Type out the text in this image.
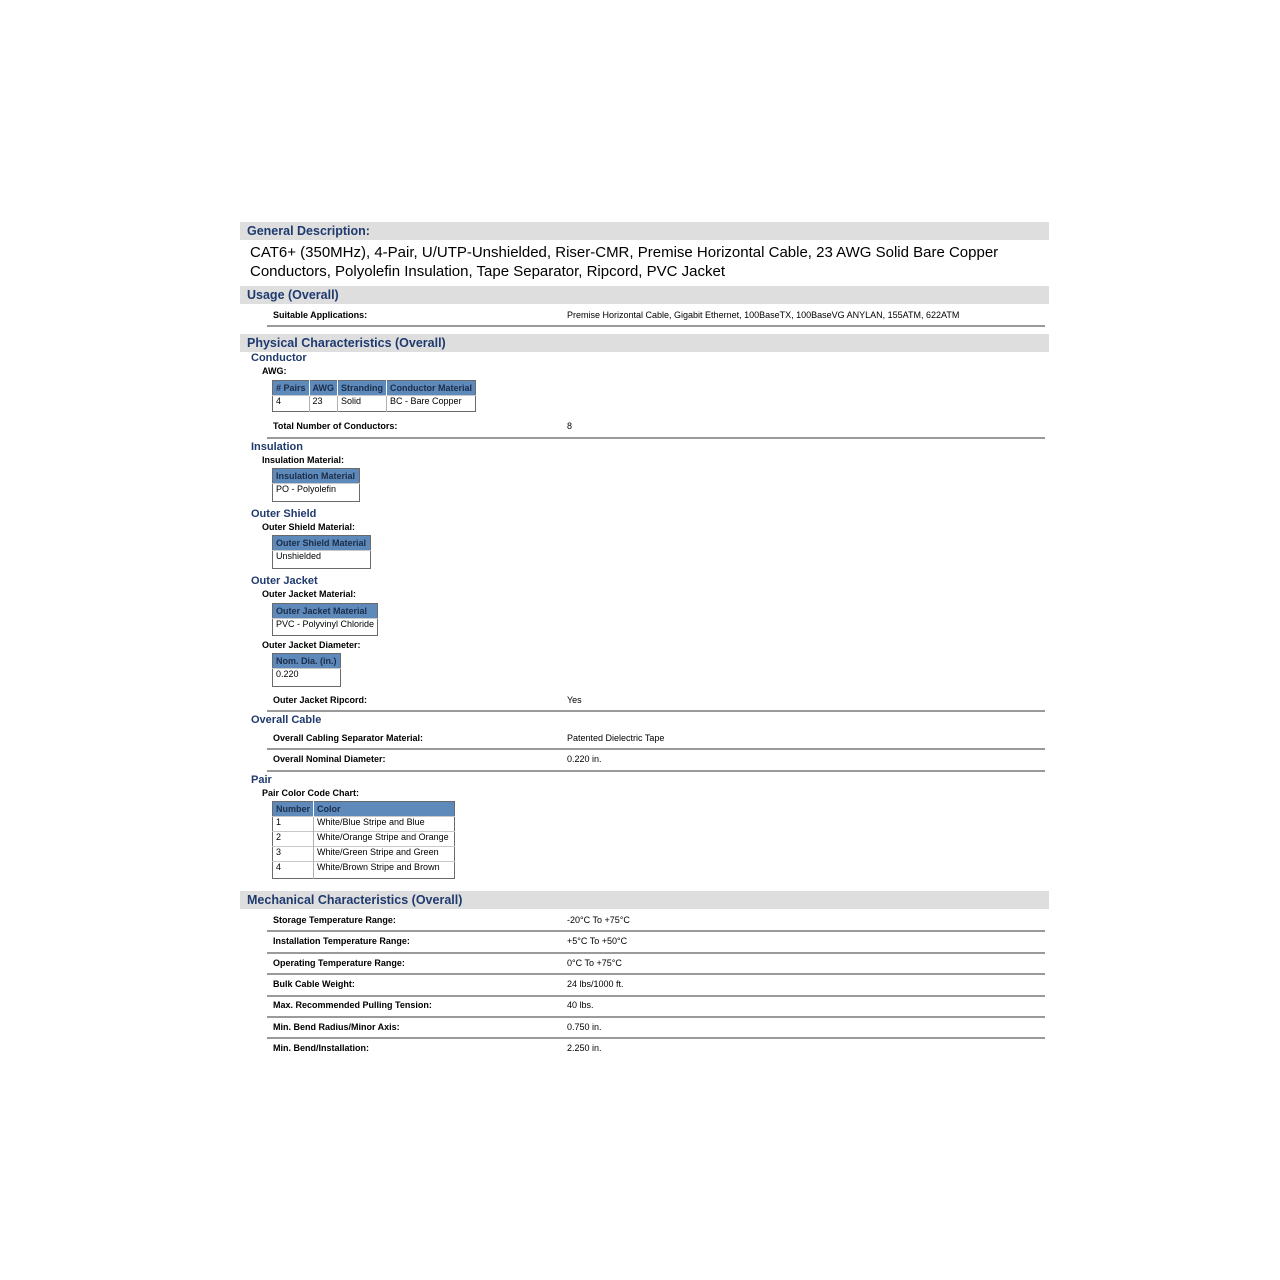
General Description:
CAT6+ (350MHz), 4-Pair, U/UTP-Unshielded, Riser-CMR, Premise Horizontal Cable, 23 AWG Solid Bare Copper Conductors, Polyolefin Insulation, Tape Separator, Ripcord, PVC Jacket
Usage (Overall)
Suitable Applications:	Premise Horizontal Cable, Gigabit Ethernet, 100BaseTX, 100BaseVG ANYLAN, 155ATM, 622ATM
Physical Characteristics (Overall)
Conductor
AWG:
# Pairs	AWG	Stranding	Conductor Material
4	23	Solid	BC - Bare Copper
Total Number of Conductors:	8
Insulation
Insulation Material:
Insulation Material
PO - Polyolefin
Outer Shield
Outer Shield Material:
Outer Shield Material
Unshielded
Outer Jacket
Outer Jacket Material:
Outer Jacket Material
PVC - Polyvinyl Chloride
Outer Jacket Diameter:
Nom. Dia. (in.)
0.220
Outer Jacket Ripcord:	Yes
Overall Cable
Overall Cabling Separator Material:	Patented Dielectric Tape
Overall Nominal Diameter:	0.220 in.
Pair
Pair Color Code Chart:
Number	Color
1	White/Blue Stripe and Blue
2	White/Orange Stripe and Orange
3	White/Green Stripe and Green
4	White/Brown Stripe and Brown
Mechanical Characteristics (Overall)
Storage Temperature Range:	-20°C To +75°C
Installation Temperature Range:	+5°C To +50°C
Operating Temperature Range:	0°C To +75°C
Bulk Cable Weight:	24 lbs/1000 ft.
Max. Recommended Pulling Tension:	40 lbs.
Min. Bend Radius/Minor Axis:	0.750 in.
Min. Bend/Installation:	2.250 in.
